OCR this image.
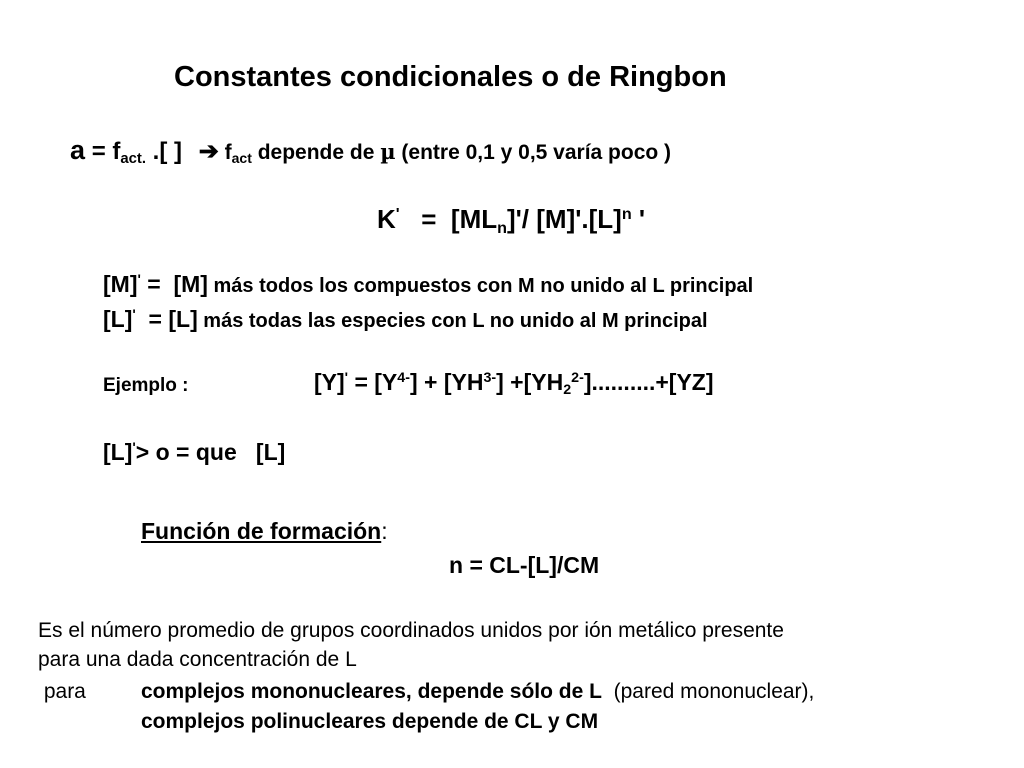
Constantes condicionales o de Ringbon
$a = f_{act.}$ .[ ] ➔ $f_{act}$ depende de µ (entre 0,1 y 0,5 varía poco )
$K' = [ML_n]'/$ $[M]'.[L]^n$ '
[M]' =  [M] más todos los compuestos con M no unido al L principal
[L]'  = [L] más todas las especies con L no unido al M principal
Ejemplo :	$[Y]' = [Y^{4-}] + [YH^{3-}] +[YH_2^{2-}]..........+[YZ]$
[L]'> o = que   [L]
Función de formación:
n = CL-[L]/CM
Es el número promedio de grupos coordinados unidos por ión metálico presente
para una dada concentración de L
para	complejos mononucleares, depende sólo de L  (pared mononuclear),
complejos polinucleares depende de CL y CM
